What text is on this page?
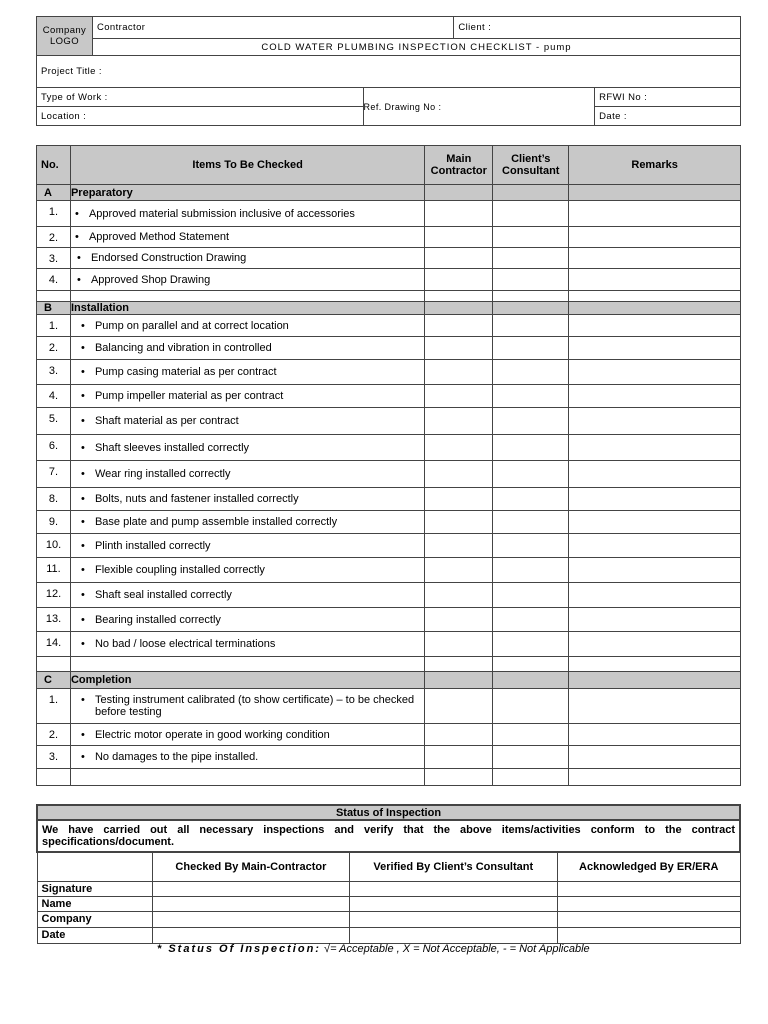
Company LOGO	Contractor		Client :	
	COLD WATER PLUMBING INSPECTION CHECKLIST - pump			
Project Title :				
Type of Work :		Ref. Drawing No :		RFWI No :
Location :				Date :
No.	Items To Be Checked	Main Contractor	Client’s Consultant	Remarks
A	Preparatory			
1.	• Approved material submission inclusive of accessories			

2.	• Approved Method Statement			

3.	• Endorsed Construction Drawing			

4.	• Approved Shop Drawing			

B	Installation			
1.	• Pump on parallel and at correct location			

2.	• Balancing and vibration in controlled			

3.	• Pump casing material as per contract			

4.	• Pump impeller material as per contract			

5.	• Shaft material as per contract			

6.	• Shaft sleeves installed correctly			

7.	• Wear ring installed correctly			

8.	• Bolts, nuts and fastener installed correctly			

9.	• Base plate and pump assemble installed correctly			

10.	• Plinth installed correctly			

11.	• Flexible coupling installed correctly			

12.	• Shaft seal installed correctly			

13.	• Bearing installed correctly			

14.	• No bad / loose electrical terminations			

C	Completion			
1.	• Testing instrument calibrated (to show certificate) – to be checked before testing			

2.	• Electric motor operate in good working condition			

3.	• No damages to the pipe installed.			

Status of Inspection			
We have carried out all necessary inspections and verify that the above items/activities conform to the contract specifications/document.			
	Checked By Main-Contractor	Verified By Client’s Consultant	Acknowledged By ER/ERA
Signature			
Name			
Company			
Date			
* Status Of Inspection: √= Acceptable , X = Not Acceptable, - = Not Applicable
